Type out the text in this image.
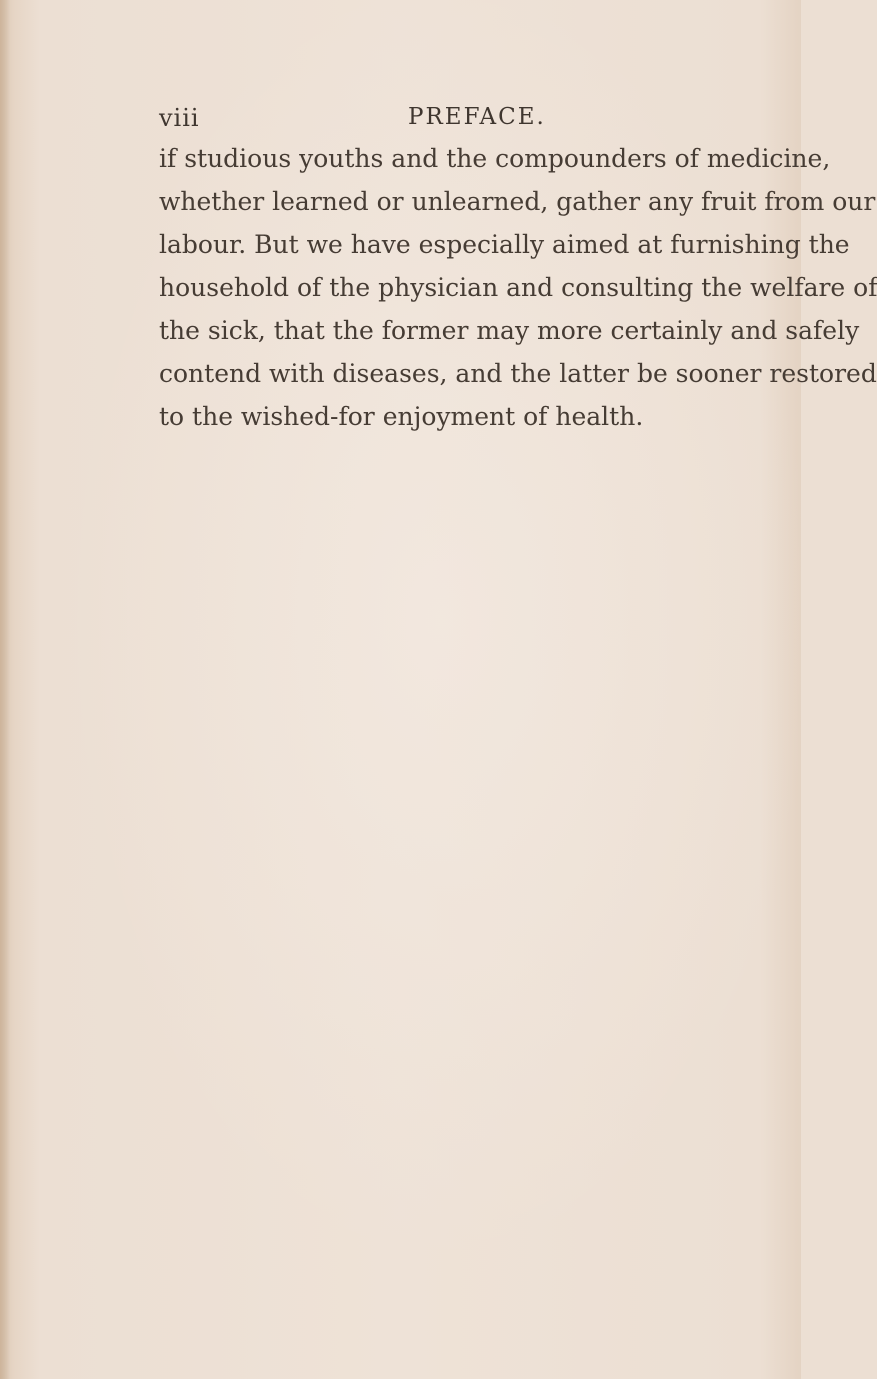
viii	PREFACE.
if studious youths and the compounders of medicine,
whether learned or unlearned, gather any fruit from our
labour. But we have especially aimed at furnishing the
household of the physician and consulting the welfare of
the sick, that the former may more certainly and safely
contend with diseases, and the latter be sooner restored
to the wished-for enjoyment of health.
